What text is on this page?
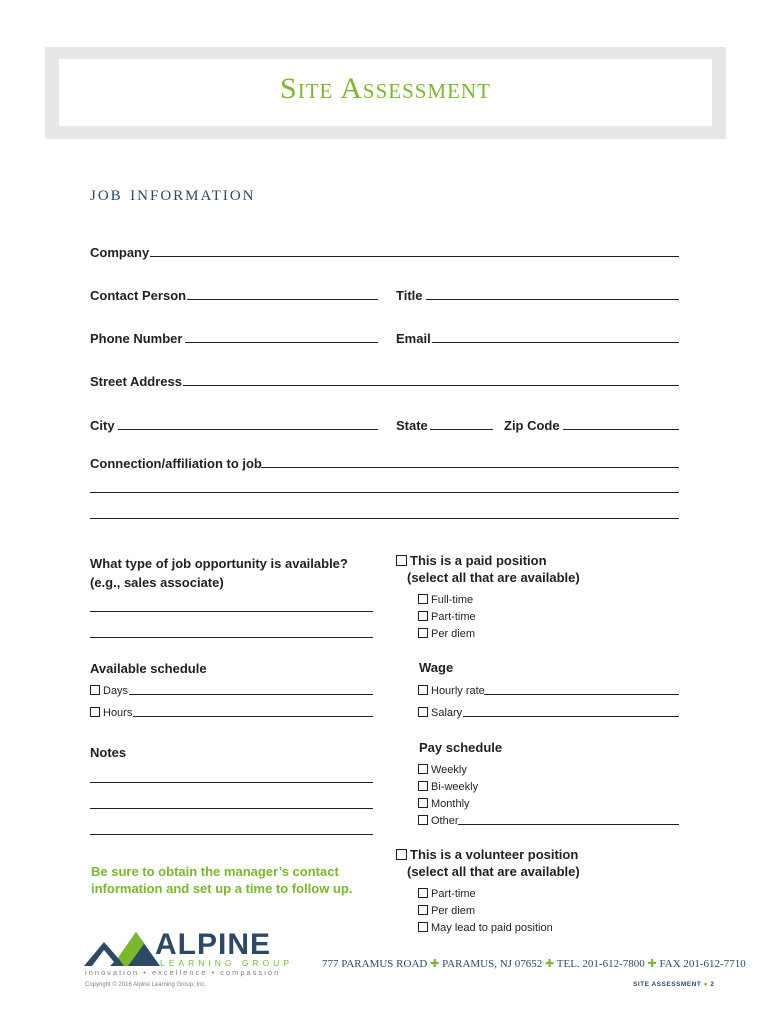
Site Assessment
job information
Company
Contact Person	Title
Phone Number	Email
Street Address
City	State	Zip Code
Connection/affiliation to job
What type of job opportunity is available?
(e.g., sales associate)
This is a paid position
(select all that are available)
Full-time
Part-time
Per diem
Available schedule
Days
Hours
Wage
Hourly rate
Salary
Notes	Pay schedule
Weekly
Bi-weekly
Monthly
Other
Be sure to obtain the manager’s contact
information and set up a time to follow up.
This is a volunteer position
(select all that are available)
Part-time
Per diem
May lead to paid position
ALPINE
LEARNING GROUP
innovation • excellence • compassion
777 PARAMUS ROAD ✚ PARAMUS, NJ 07652 ✚ TEL. 201-612-7800 ✚ FAX 201-612-7710
Copyright © 2016 Alpine Learning Group, Inc.	SITE ASSESSMENT ● 2
